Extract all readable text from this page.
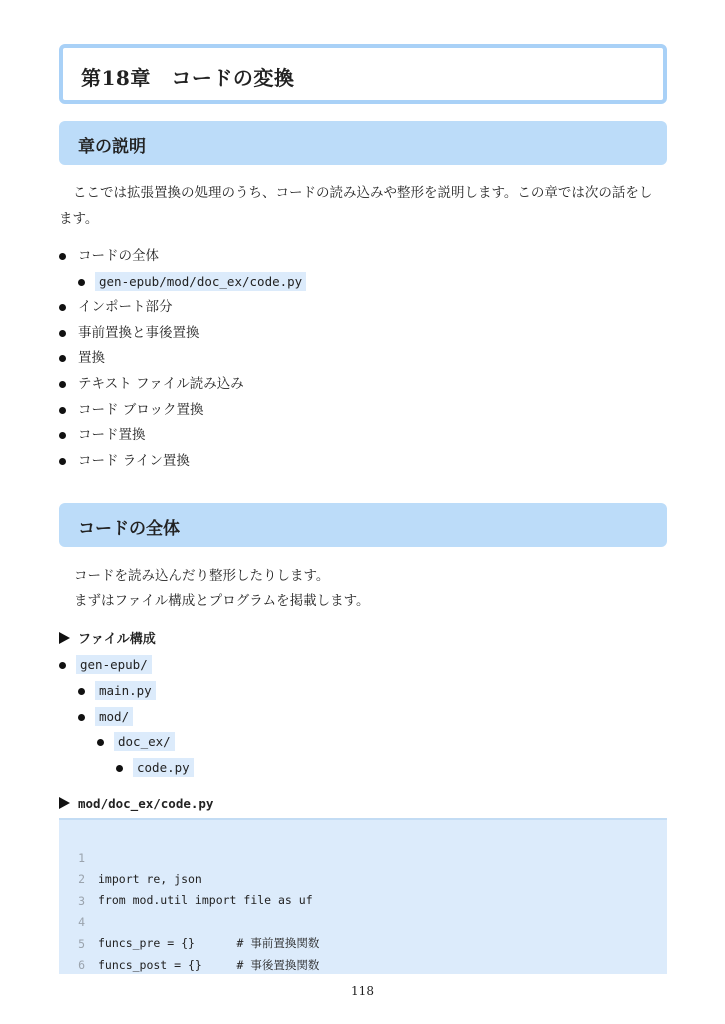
第18章　コードの変換
章の説明

ここでは拡張置換の処理のうち、コードの読み込みや整形を説明します。この章では次の話をします。

コードの全体
gen-epub/mod/doc_ex/code.py
インポート部分
事前置換と事後置換
置換
テキスト ファイル読み込み
コード ブロック置換
コード置換
コード ライン置換
コードの全体

コードを読み込んだり整形したりします。

まずはファイル構成とプログラムを掲載します。

ファイル構成
gen-epub/
main.py
mod/
doc_ex/
code.py
mod/doc_ex/code.py

1

import re, json

2

from mod.util import file as uf

3

4

funcs_pre = {}      # 事前置換関数

5

funcs_post = {}     # 事後置換関数

6

118
